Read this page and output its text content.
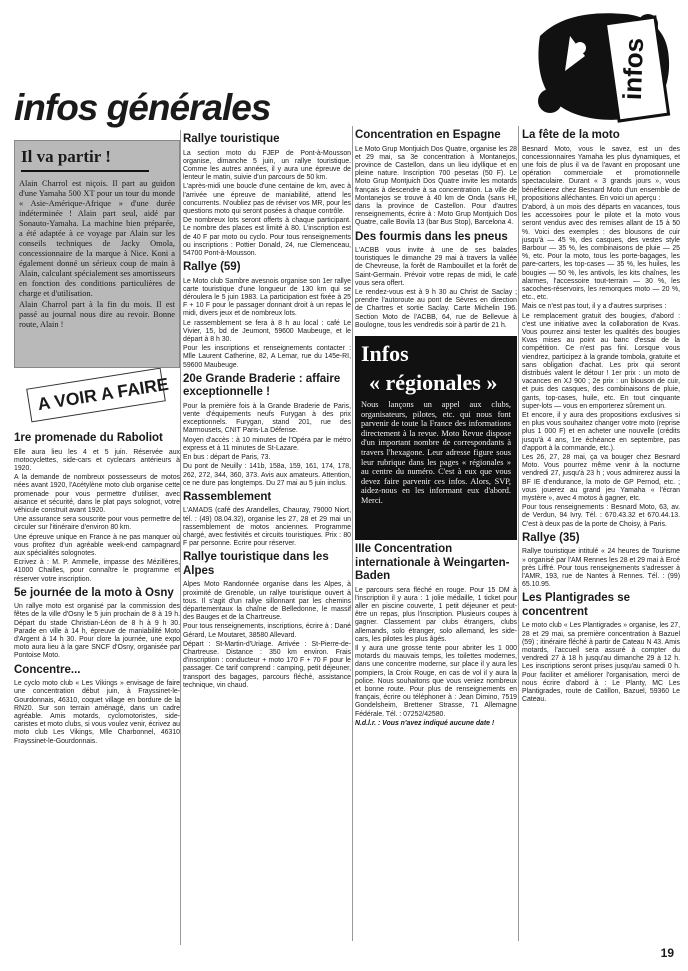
infos
infos générales
Il va partir !

Alain Charrol est niçois. Il part au guidon d'une Yamaha 500 XT pour un tour du monde « Asie-Amérique-Afrique » d'une durée indéterminée ! Alain part seul, aidé par Sonauto-Yamaha. La machine bien préparée, a été adaptée à ce voyage par Alain sur les conseils techniques de Jacky Omola, concessionnaire de la marque à Nice. Koni a également donné un sérieux coup de main à Alain, calculant spécialement ses amortisseurs en fonction des conditions particulières de charge et d'utilisation.

Alain Charrol part à la fin du mois. Il est passé au journal nous dire au revoir. Bonne route, Alain !

A VOIR A FAIRE
1re promenade du Raboliot

Elle aura lieu les 4 et 5 juin. Réservée aux motocyclettes, side-cars et cyclecars antérieurs à 1920.

A la demande de nombreux possesseurs de motos nées avant 1920, l'Acétylène moto club organise cette promenade pour vous permettre d'utiliser, avec aisance et sécurité, dans le plat pays solognot, votre véhicule construit avant 1920.

Une assurance sera souscrite pour vous permettre de circuler sur l'itinéraire d'environ 80 km.

Une épreuve unique en France à ne pas manquer où vous profitez d'un agréable week-end campagnard aux spécialités solognotes.

Ecrivez à : M. P. Ammelle, impasse des Mézillères, 41000 Chailles, pour connaître le programme et réserver votre inscription.

5e journée de la moto à Osny

Un rallye moto est organisé par la commission des fêtes de la ville d'Osny le 5 juin prochain de 8 à 19 h. Départ du stade Christian-Léon de 8 h à 9 h 30. Parade en ville à 14 h, épreuve de maniabilité Moto d'Argent à 14 h 30. Pour clore la journée, une expo moto aura lieu à la gare SNCF d'Osny, organisée par Pontoise Moto.

Concentre...

Le cyclo moto club « Les Vikings » envisage de faire une concentration début juin, à Frayssinet-le-Gourdonnais, 46310, coquet village en bordure de la RN20. Sur son terrain aménagé, dans un cadre agréable. Amis motards, cyclomotoristes, side-caristes et moto clubs, si vous voulez venir, écrivez au moto club Les Vikings, Mlle Charbonnel, 46310 Frayssinet-le-Gourdonnais.

Rallye touristique

La section moto du FJEP de Pont-à-Mousson organise, dimanche 5 juin, un rallye touristique. Comme les autres années, il y aura une épreuve de lenteur le matin, suivie d'un parcours de 50 km.

L'après-midi une boucle d'une centaine de km, avec à l'arrivée une épreuve de maniabilité, attend les concurrents. N'oubliez pas de réviser vos MR, pour les questions moto qui seront posées à chaque contrôle.

De nombreux lots seront offerts à chaque participant. Le nombre des places est limité à 80. L'inscription est de 40 F par moto ou cyclo. Pour tous renseignements ou inscriptions : Pottier Donald, 24, rue Clemenceau, 54700 Pont-à-Mousson.

Rallye (59)

Le Moto club Sambre avesnois organise son 1er rallye carte touristique d'une longueur de 130 km qui se déroulera le 5 juin 1983. La participation est fixée à 25 F + 10 F pour le passager donnant droit à un repas le midi, divers jeux et de nombreux lots.

Le rassemblement se fera à 8 h au local : café Le Vivier, 15, bd de Jeumont, 59600 Maubeuge, et le départ à 8 h 30.

Pour les inscriptions et renseignements contacter : Mlle Laurent Catherine, 82, A Lemar, rue du 145e-RI, 59600 Maubeuge.

20e Grande Braderie : affaire exceptionnelle !

Pour la première fois à la Grande Braderie de Paris, vente d'équipements neufs Furygan à des prix exceptionnels. Furygan, stand 201, rue des Marmousets, CNIT Paris-La Défense.

Moyen d'accès : à 10 minutes de l'Opéra par le métro express et à 11 minutes de St-Lazare.

En bus : départ de Paris, 73.

Du pont de Neuilly : 141b, 158a, 159, 161, 174, 178, 262, 272, 344, 360, 373. Avis aux amateurs. Attention, ce ne dure pas longtemps. Du 27 mai au 5 juin inclus.

Rassemblement

L'AMADS (café des Arandelles, Chauray, 79000 Niort, tél. : (49) 08.04.32), organise les 27, 28 et 29 mai un rassemblement de motos anciennes. Programme chargé, avec festivités et circuits touristiques. Prix : 80 F par personne. Ecrire pour réserver.

Rallye touristique dans les Alpes

Alpes Moto Randonnée organise dans les Alpes, à proximité de Grenoble, un rallye touristique ouvert à tous. Il s'agit d'un rallye sillonnant par les chemins départementaux la chaîne de Belledonne, le massif des Bauges et de la Chartreuse.

Pour tous renseignements, inscriptions, écrire à : Dané Gérard, Le Moutaret, 38580 Allevard.

Départ : St-Martin-d'Uriage. Arrivée : St-Pierre-de-Chartreuse. Distance : 350 km environ. Frais d'inscription : conducteur + moto 170 F + 70 F pour le passager. Ce tarif comprend : camping, petit déjeuner, transport des bagages, parcours fléché, assistance technique, vin chaud.

Concentration en Espagne

Le Moto Grup Montjuich Dos Quatre, organise les 28 et 29 mai, sa 3e concentration à Montanejos, province de Castellon, dans un lieu idyllique et en pleine nature. Inscription 700 pesetas (50 F). Le Moto Grup Montjuich Dos Quatre invite les motards français à descendre à sa concentration. La ville de Montanejos se trouve à 40 km de Onda (sans HI, dans la province de Castellon. Pour d'autres renseignements, écrire à : Moto Grup Montjuich Dos Quatre, calle Bovila 13 (bar Bus Stop), Barcelona 4.

Des fourmis dans les pneus

L'ACBB vous invite à une de ses balades touristiques le dimanche 29 mai à travers la vallée de Chevreuse, la forêt de Rambouillet et la forêt de Saint-Germain. Prévoir votre repas de midi, le café vous sera offert.

Le rendez-vous est à 9 h 30 au Christ de Saclay ; prendre l'autoroute au pont de Sèvres en direction de Chartres et sortie Saclay. Carte Michelin 196. Section Moto de l'ACBB, 64, rue de Bellevue à Boulogne, tous les vendredis soir à partir de 21 h.

Infos
« régionales »

Nous lançons un appel aux clubs, organisateurs, pilotes, etc. qui nous font parvenir de toute la France des informations directement à la revue. Moto Revue dispose d'un important nombre de correspondants à travers l'hexagone. Leur adresse figure sous leur rubrique dans les pages « régionales » au centre du numéro. C'est à eux que vous devez faire parvenir ces infos. Alors, SVP, aidez-nous en les informant eux d'abord. Merci.

IIIe Concentration internationale à Weingarten-Baden

Le parcours sera fléché en rouge. Pour 15 DM à l'inscription il y aura : 1 jolie médaille, 1 ticket pour aller en piscine couverte, 1 petit déjeuner et peut-être un repas, plus l'inscription. Plusieurs coupes à gagner. Classement par clubs étrangers, clubs allemands, solo étranger, solo allemand, les side-cars, les pilotes les plus âgés.

Il y aura une grosse tente pour abriter les 1 000 motards du mauvais temps, les toilettes modernes, dans une concentre moderne, sur place il y aura les pompiers, la Croix Rouge, en cas de vol il y aura la police. Nous souhaitons que vous veniez nombreux et bonne route. Pour plus de renseignements en français, écrire ou téléphoner à : Jean Dimino, 7519 Gondelsheim, Brettener Strasse, 71 Allemagne Fédérale. Tél. : 07252/42580.

N.d.l.r. : Vous n'avez indiqué aucune date !

La fête de la moto

Besnard Moto, vous le savez, est un des concessionnaires Yamaha les plus dynamiques, et une fois de plus il va de l'avant en proposant une opération commerciale et promotionnelle spectaculaire. Durant « 3 grands jours », vous bénéficierez chez Besnard Moto d'un ensemble de propositions alléchantes. En voici un aperçu :

D'abord, à un mois des départs en vacances, tous les accessoires pour le pilote et la moto vous seront vendus avec des remises allant de 15 à 50 %. Voici des exemples : des blousons de cuir jusqu'à — 45 %, des casques, des vestes style Barbour — 35 %, les combinaisons de pluie — 25 %, etc. Pour la moto, tous les porte-bagages, les pare-carters, les top-cases — 35 %, les huiles, les bougies — 50 %, les antivols, les kits chaînes, les alarmes, l'accessoire tout-terrain — 30 %, les sacoches-réservoirs, les remorques moto — 20 %, etc., etc.

Mais ce n'est pas tout, il y a d'autres surprises :

Le remplacement gratuit des bougies, d'abord : c'est une initiative avec la collaboration de Kvas. Vous pourrez ainsi tester les qualités des bougies Kvas mises au point au banc d'essai de la compétition. Ce n'est pas fini. Lorsque vous viendrez, participez à la grande tombola, gratuite et sans obligation d'achat. Les prix qui seront distribués valent le détour ! 1er prix : un moto de vacances en XJ 900 ; 2e prix : un blouson de cuir, et puis des casques, des combinaisons de pluie, gants, top-cases, huile, etc. En tout cinquante super-lots — vous en emporterez sûrement un.

Et encore, il y aura des propositions exclusives si en plus vous souhaitez changer votre moto (reprise plus 1 000 F) et en acheter une nouvelle (crédits jusqu'à 4 ans, 1re échéance en septembre, pas d'apport à la commande, etc.).

Les 26, 27, 28 mai, ça va bouger chez Besnard Moto. Vous pourrez même venir à la nocturne vendredi 27, jusqu'à 23 h ; vous admirerez aussi la BF IE d'endurance, la moto de GP Pernod, etc. ; vous jouerez au grand jeu Yamaha « l'écran mystère », avec 4 motos à gagner, etc.

Pour tous renseignements : Besnard Moto, 63, av. de Verdun, 94 Ivry. Tél. : 670.43.32 et 670.44.13. C'est à deux pas de la porte de Choisy, à Paris.

Rallye (35)

Rallye touristique intitulé « 24 heures de Tourisme » organisé par l'AM Rennes les 28 et 29 mai à Ercé près Liffré. Pour tous renseignements s'adresser à l'AMR, 193, rue de Nantes à Rennes. Tél. : (99) 65.10.95.

Les Plantigrades se concentrent

Le moto club « Les Plantigrades » organise, les 27, 28 et 29 mai, sa première concentration à Bazuel (59) ; itinéraire fléché à partir de Cateau N 43. Amis motards, l'accueil sera assuré à compter du vendredi 27 à 18 h jusqu'au dimanche 29 à 12 h. Les inscriptions seront prises jusqu'au samedi 0 h. Pour faciliter et améliorer l'organisation, merci de nous écrire d'abord à : Le Planty, MC Les Plantigrades, route de Catillon, Bazuel, 59360 Le Cateau.

19
